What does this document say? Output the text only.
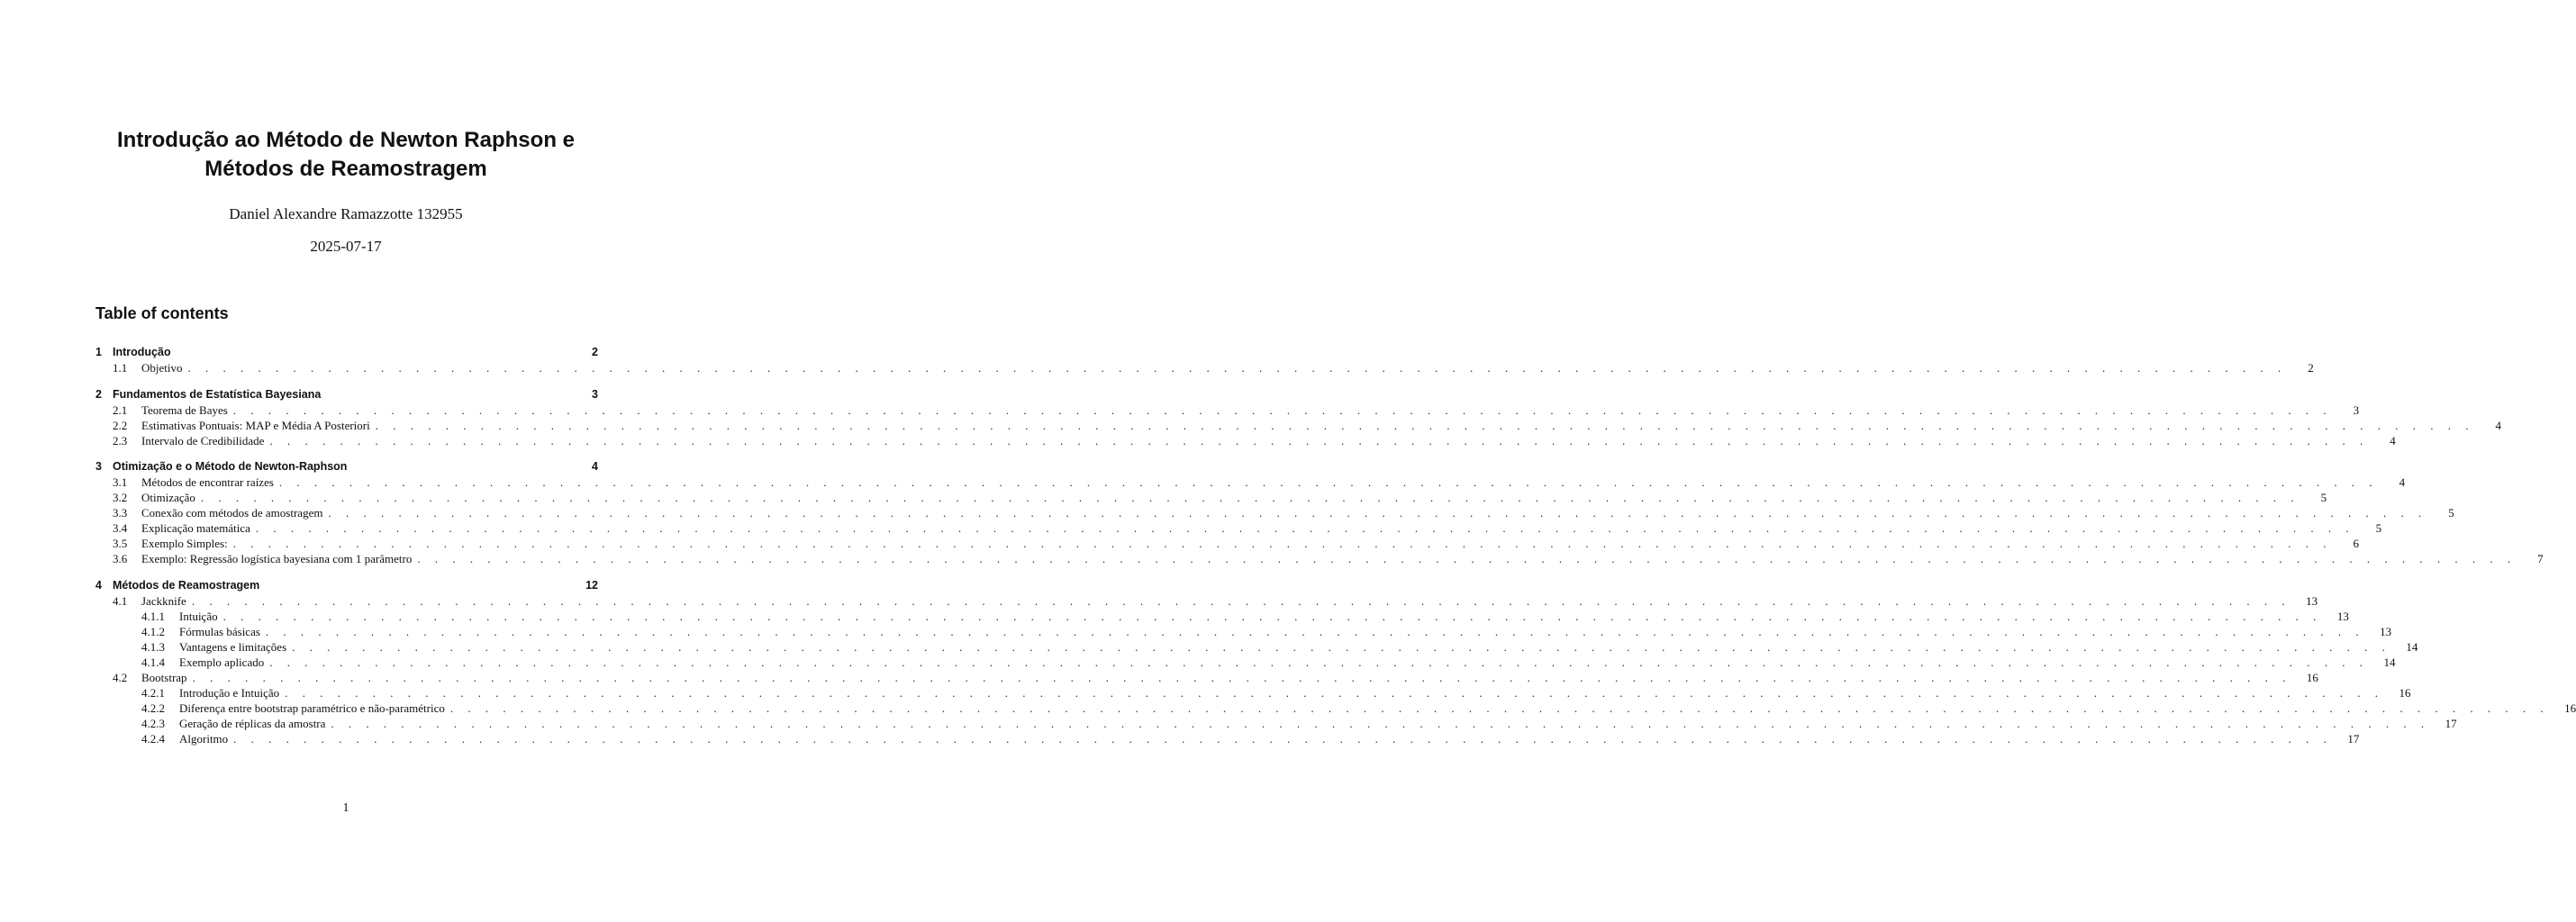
Introdução ao Método de Newton Raphson e
Métodos de Reamostragem
Daniel Alexandre Ramazzotte 132955
2025-07-17
Table of contents
1 Introdução	2
1.1	Objetivo . . . . . . . . . . . . . . . . . . . . . . . . . . . . . . . . . . . . . . . . . . . . . . . . . . . . . . . . . . . . . . . . . . . . . . . . . . . . . . . . . . . . . . . . . . . . . . . . . . . . . . . . . . . . . . . . . . . . . . . .	2
2 Fundamentos de Estatística Bayesiana	3
2.1	Teorema de Bayes . . . . . . . . . . . . . . . . . . . . . . . . . . . . . . . . . . . . . . . . . . . . . . . . . . . . . . . . . . . . . . . . . . . . . . . . . . . . . . . . . . . . . . . . . . . . . . . . . . . . . . . . . . . . . . . . . . . . . . . .	3
2.2	Estimativas Pontuais: MAP e Média A Posteriori . . . . . . . . . . . . . . . . . . . . . . . . . . . . . . . . . . . . . . . . . . . . . . . . . . . . . . . . . . . . . . . . . . . . . . . . . . . . . . . . . . . . . . . . . . . . . . . . . . . . . . . . . . . . . . . . . . . . . . . .	4
2.3	Intervalo de Credibilidade . . . . . . . . . . . . . . . . . . . . . . . . . . . . . . . . . . . . . . . . . . . . . . . . . . . . . . . . . . . . . . . . . . . . . . . . . . . . . . . . . . . . . . . . . . . . . . . . . . . . . . . . . . . . . . . . . . . . . . . .	4
3 Otimização e o Método de Newton-Raphson	4
3.1	Métodos de encontrar raízes . . . . . . . . . . . . . . . . . . . . . . . . . . . . . . . . . . . . . . . . . . . . . . . . . . . . . . . . . . . . . . . . . . . . . . . . . . . . . . . . . . . . . . . . . . . . . . . . . . . . . . . . . . . . . . . . . . . . . . . .	4
3.2	Otimização . . . . . . . . . . . . . . . . . . . . . . . . . . . . . . . . . . . . . . . . . . . . . . . . . . . . . . . . . . . . . . . . . . . . . . . . . . . . . . . . . . . . . . . . . . . . . . . . . . . . . . . . . . . . . . . . . . . . . . . .	5
3.3	Conexão com métodos de amostragem . . . . . . . . . . . . . . . . . . . . . . . . . . . . . . . . . . . . . . . . . . . . . . . . . . . . . . . . . . . . . . . . . . . . . . . . . . . . . . . . . . . . . . . . . . . . . . . . . . . . . . . . . . . . . . . . . . . . . . . .	5
3.4	Explicação matemática . . . . . . . . . . . . . . . . . . . . . . . . . . . . . . . . . . . . . . . . . . . . . . . . . . . . . . . . . . . . . . . . . . . . . . . . . . . . . . . . . . . . . . . . . . . . . . . . . . . . . . . . . . . . . . . . . . . . . . . .	5
3.5	Exemplo Simples: . . . . . . . . . . . . . . . . . . . . . . . . . . . . . . . . . . . . . . . . . . . . . . . . . . . . . . . . . . . . . . . . . . . . . . . . . . . . . . . . . . . . . . . . . . . . . . . . . . . . . . . . . . . . . . . . . . . . . . . .	6
3.6	Exemplo: Regressão logística bayesiana com 1 parâmetro . . . . . . . . . . . . . . . . . . . . . . . . . . . . . . . . . . . . . . . . . . . . . . . . . . . . . . . . . . . . . . . . . . . . . . . . . . . . . . . . . . . . . . . . . . . . . . . . . . . . . . . . . . . . . . . . . . . . . . . .	7
4 Métodos de Reamostragem	12
4.1	Jackknife . . . . . . . . . . . . . . . . . . . . . . . . . . . . . . . . . . . . . . . . . . . . . . . . . . . . . . . . . . . . . . . . . . . . . . . . . . . . . . . . . . . . . . . . . . . . . . . . . . . . . . . . . . . . . . . . . . . . . . . .	13
4.1.1	Intuição . . . . . . . . . . . . . . . . . . . . . . . . . . . . . . . . . . . . . . . . . . . . . . . . . . . . . . . . . . . . . . . . . . . . . . . . . . . . . . . . . . . . . . . . . . . . . . . . . . . . . . . . . . . . . . . . . . . . . . . .	13
4.1.2	Fórmulas básicas . . . . . . . . . . . . . . . . . . . . . . . . . . . . . . . . . . . . . . . . . . . . . . . . . . . . . . . . . . . . . . . . . . . . . . . . . . . . . . . . . . . . . . . . . . . . . . . . . . . . . . . . . . . . . . . . . . . . . . . .	13
4.1.3	Vantagens e limitações . . . . . . . . . . . . . . . . . . . . . . . . . . . . . . . . . . . . . . . . . . . . . . . . . . . . . . . . . . . . . . . . . . . . . . . . . . . . . . . . . . . . . . . . . . . . . . . . . . . . . . . . . . . . . . . . . . . . . . . .	14
4.1.4	Exemplo aplicado . . . . . . . . . . . . . . . . . . . . . . . . . . . . . . . . . . . . . . . . . . . . . . . . . . . . . . . . . . . . . . . . . . . . . . . . . . . . . . . . . . . . . . . . . . . . . . . . . . . . . . . . . . . . . . . . . . . . . . . .	14
4.2	Bootstrap . . . . . . . . . . . . . . . . . . . . . . . . . . . . . . . . . . . . . . . . . . . . . . . . . . . . . . . . . . . . . . . . . . . . . . . . . . . . . . . . . . . . . . . . . . . . . . . . . . . . . . . . . . . . . . . . . . . . . . . .	16
4.2.1	Introdução e Intuição . . . . . . . . . . . . . . . . . . . . . . . . . . . . . . . . . . . . . . . . . . . . . . . . . . . . . . . . . . . . . . . . . . . . . . . . . . . . . . . . . . . . . . . . . . . . . . . . . . . . . . . . . . . . . . . . . . . . . . . .	16
4.2.2	Diferença entre bootstrap paramétrico e não-paramétrico . . . . . . . . . . . . . . . . . . . . . . . . . . . . . . . . . . . . . . . . . . . . . . . . . . . . . . . . . . . . . . . . . . . . . . . . . . . . . . . . . . . . . . . . . . . . . . . . . . . . . . . . . . . . . . . . . . . . . . . .	16
4.2.3	Geração de réplicas da amostra . . . . . . . . . . . . . . . . . . . . . . . . . . . . . . . . . . . . . . . . . . . . . . . . . . . . . . . . . . . . . . . . . . . . . . . . . . . . . . . . . . . . . . . . . . . . . . . . . . . . . . . . . . . . . . . . . . . . . . . .	17
4.2.4	Algoritmo . . . . . . . . . . . . . . . . . . . . . . . . . . . . . . . . . . . . . . . . . . . . . . . . . . . . . . . . . . . . . . . . . . . . . . . . . . . . . . . . . . . . . . . . . . . . . . . . . . . . . . . . . . . . . . . . . . . . . . . .	17
1
